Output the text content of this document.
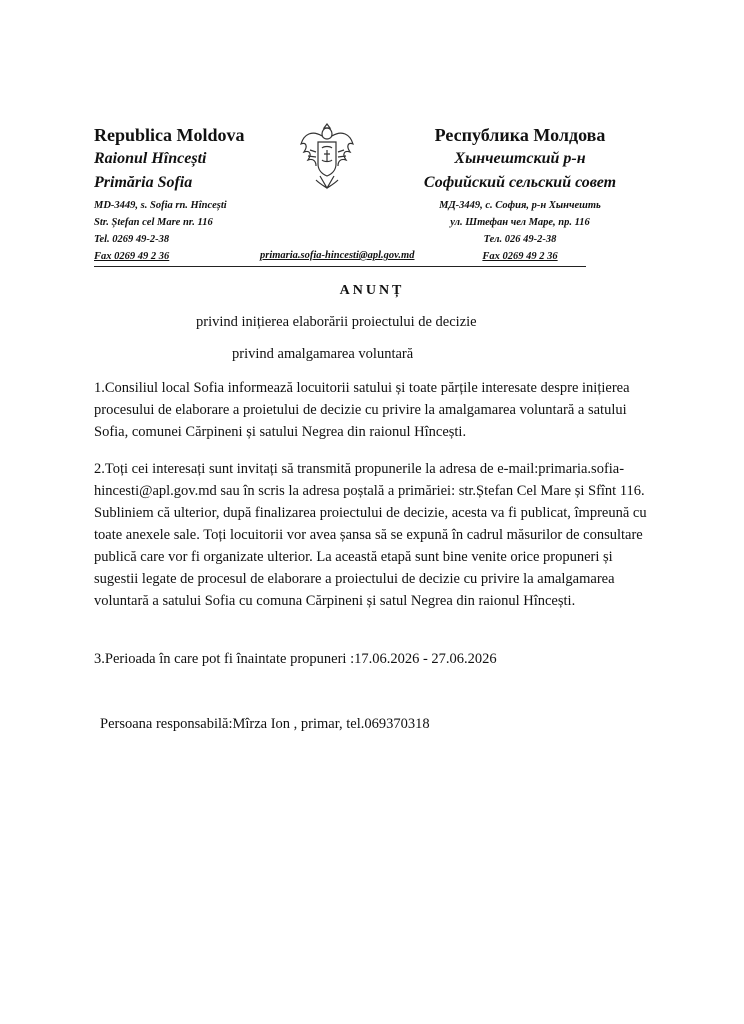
Republica Moldova
Raionul Hîncești
Primăria Sofia
MD-3449, s. Sofia rn. Hîncești
Str. Ștefan cel Mare nr. 116
Tel. 0269 49-2-38
Fax 0269 49 2 36
Республика Молдова
Хынчештский р-н
Софийский сельский совет
МД-3449, с. София, р-н Хынчешть
ул. Штефан чел Маре, пр. 116
Тел. 026 49-2-38
Fax 0269 49 2 36
primaria.sofia-hincesti@apl.gov.md
ANUNȚ
privind inițierea elaborării proiectului de decizie
privind amalgamarea voluntară
1.Consiliul local Sofia informează locuitorii satului și toate părțile interesate despre inițierea procesului de elaborare a proietului de decizie cu privire la amalgamarea voluntară a satului Sofia, comunei Cărpineni și satului Negrea din raionul Hîncești.
2.Toți cei interesați sunt invitați să transmită propunerile la adresa de e-mail:primaria.sofia-hincesti@apl.gov.md sau în scris la adresa poștală a primăriei: str.Ștefan Cel Mare și Sfînt 116. Subliniem că ulterior, după finalizarea proiectului de decizie, acesta va fi publicat, împreună cu toate anexele sale. Toți locuitorii vor avea șansa să se expună în cadrul măsurilor de consultare publică care vor fi organizate ulterior. La această etapă sunt bine venite orice propuneri și sugestii legate de procesul de elaborare a proiectului de decizie cu privire la amalgamarea voluntară a satului Sofia cu comuna Cărpineni și satul Negrea din raionul Hîncești.
3.Perioada în care pot fi înaintate propuneri :17.06.2026 - 27.06.2026
Persoana responsabilă:Mîrza Ion , primar, tel.069370318
